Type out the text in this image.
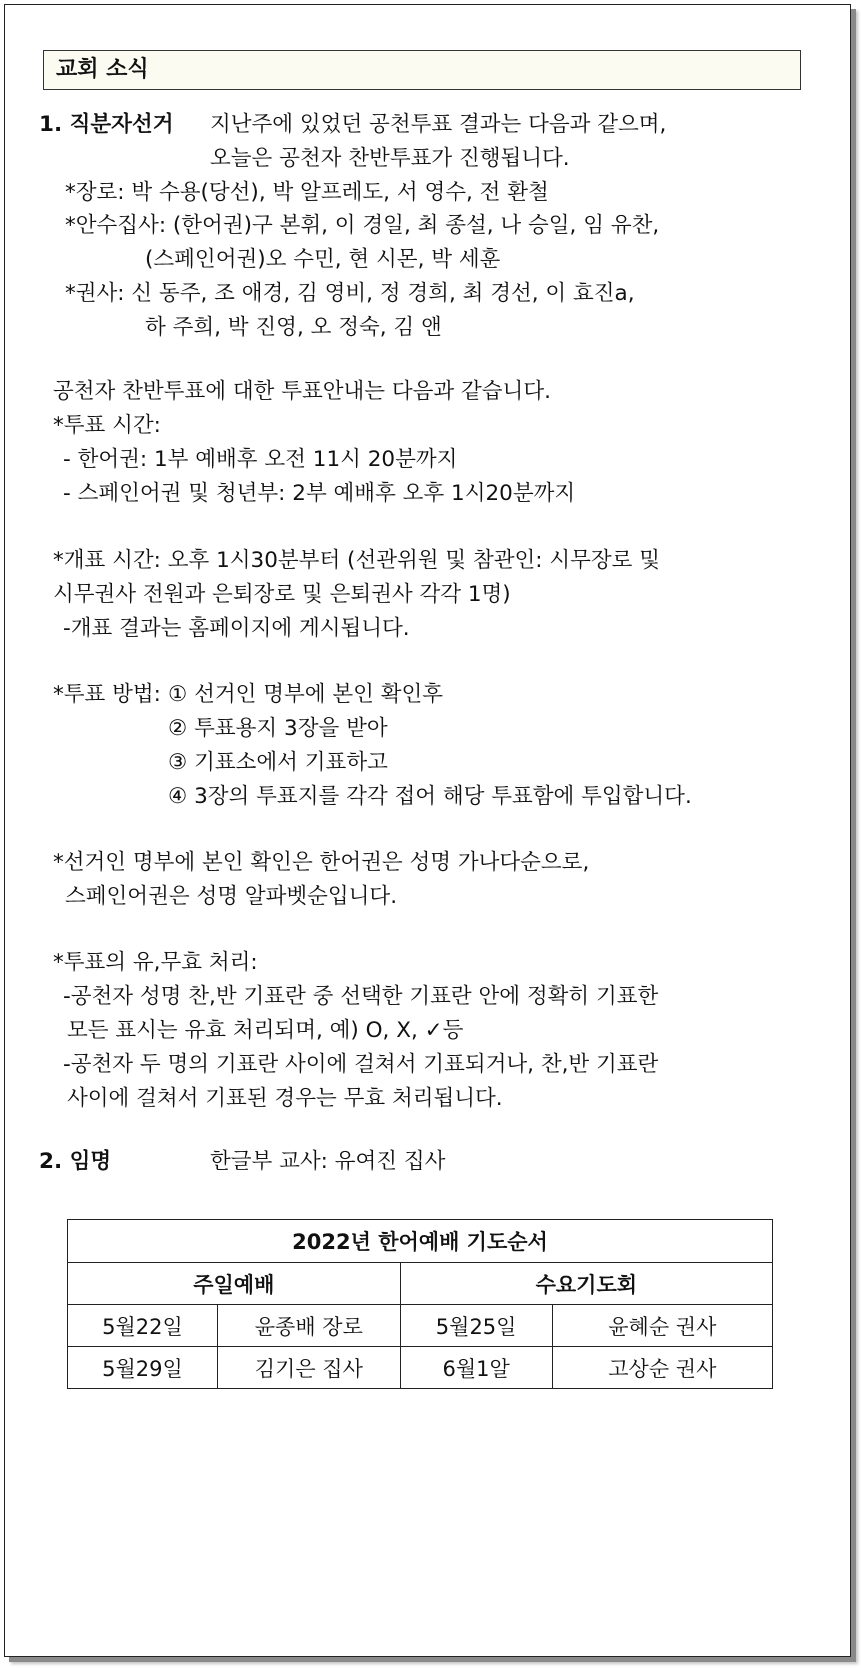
교회 소식
1. 직분자선거 지난주에 있었던 공천투표 결과는 다음과 같으며,
오늘은 공천자 찬반투표가 진행됩니다.
*장로: 박 수용(당선), 박 알프레도, 서 영수, 전 환철
*안수집사: (한어권)구 본휘, 이 경일, 최 종설, 나 승일, 임 유찬,
(스페인어권)오 수민, 현 시몬, 박 세훈
*권사: 신 동주, 조 애경, 김 영비, 정 경희, 최 경선, 이 효진a,
하 주희, 박 진영, 오 정숙, 김 앤
공천자 찬반투표에 대한 투표안내는 다음과 같습니다.
*투표 시간:
- 한어권: 1부 예배후 오전 11시 20분까지
- 스페인어권 및 청년부: 2부 예배후 오후 1시20분까지
*개표 시간: 오후 1시30분부터 (선관위원 및 참관인: 시무장로 및
시무권사 전원과 은퇴장로 및 은퇴권사 각각 1명)
-개표 결과는 홈페이지에 게시됩니다.
*투표 방법: ① 선거인 명부에 본인 확인후
② 투표용지 3장을 받아
③ 기표소에서 기표하고
④ 3장의 투표지를 각각 접어 해당 투표함에 투입합니다.
*선거인 명부에 본인 확인은 한어권은 성명 가나다순으로,
스페인어권은 성명 알파벳순입니다.
*투표의 유,무효 처리:
-공천자 성명 찬,반 기표란 중 선택한 기표란 안에 정확히 기표한
모든 표시는 유효 처리되며, 예) O, X, ✓등
-공천자 두 명의 기표란 사이에 걸쳐서 기표되거나, 찬,반 기표란
사이에 걸쳐서 기표된 경우는 무효 처리됩니다.
2. 임명	한글부 교사: 유여진 집사
2022년 한어예배 기도순서			
주일예배		수요기도회	
5월22일	윤종배 장로	5월25일	윤혜순 권사
5월29일	김기은 집사	6월1알	고상순 권사
